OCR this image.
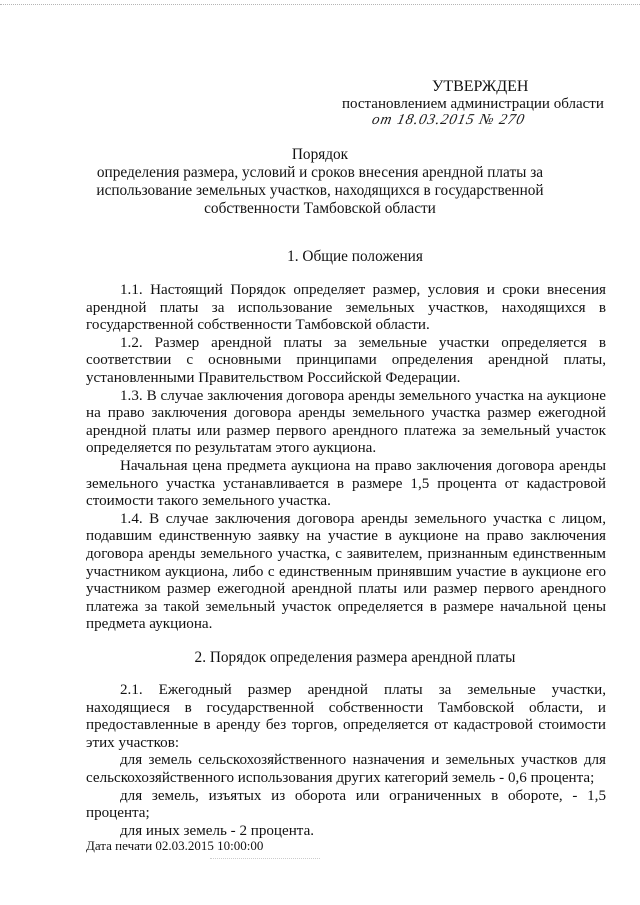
УТВЕРЖДЕН
постановлением администрации области
от 18.03.2015 № 270
Порядок
определения размера, условий и сроков внесения арендной платы за использование земельных участков, находящихся в государственной собственности Тамбовской области
1. Общие положения

1.1. Настоящий Порядок определяет размер, условия и сроки внесения арендной платы за использование земельных участков, находящихся в государственной собственности Тамбовской области.

1.2. Размер арендной платы за земельные участки определяется в соответствии с основными принципами определения арендной платы, установленными Правительством Российской Федерации.

1.3. В случае заключения договора аренды земельного участка на аукционе на право заключения договора аренды земельного участка размер ежегодной арендной платы или размер первого арендного платежа за земельный участок определяется по результатам этого аукциона.

Начальная цена предмета аукциона на право заключения договора аренды земельного участка устанавливается в размере 1,5 процента от кадастровой стоимости такого земельного участка.

1.4. В случае заключения договора аренды земельного участка с лицом, подавшим единственную заявку на участие в аукционе на право заключения договора аренды земельного участка, с заявителем, признанным единственным участником аукциона, либо с единственным принявшим участие в аукционе его участником размер ежегодной арендной платы или размер первого арендного платежа за такой земельный участок определяется в размере начальной цены предмета аукциона.

2. Порядок определения размера арендной платы

2.1. Ежегодный размер арендной платы за земельные участки, находящиеся в государственной собственности Тамбовской области, и предоставленные в аренду без торгов, определяется от кадастровой стоимости этих участков:

для земель сельскохозяйственного назначения и земельных участков для сельскохозяйственного использования других категорий земель - 0,6 процента;

для земель, изъятых из оборота или ограниченных в обороте, - 1,5 процента;

для иных земель - 2 процента.

Дата печати 02.03.2015 10:00:00
